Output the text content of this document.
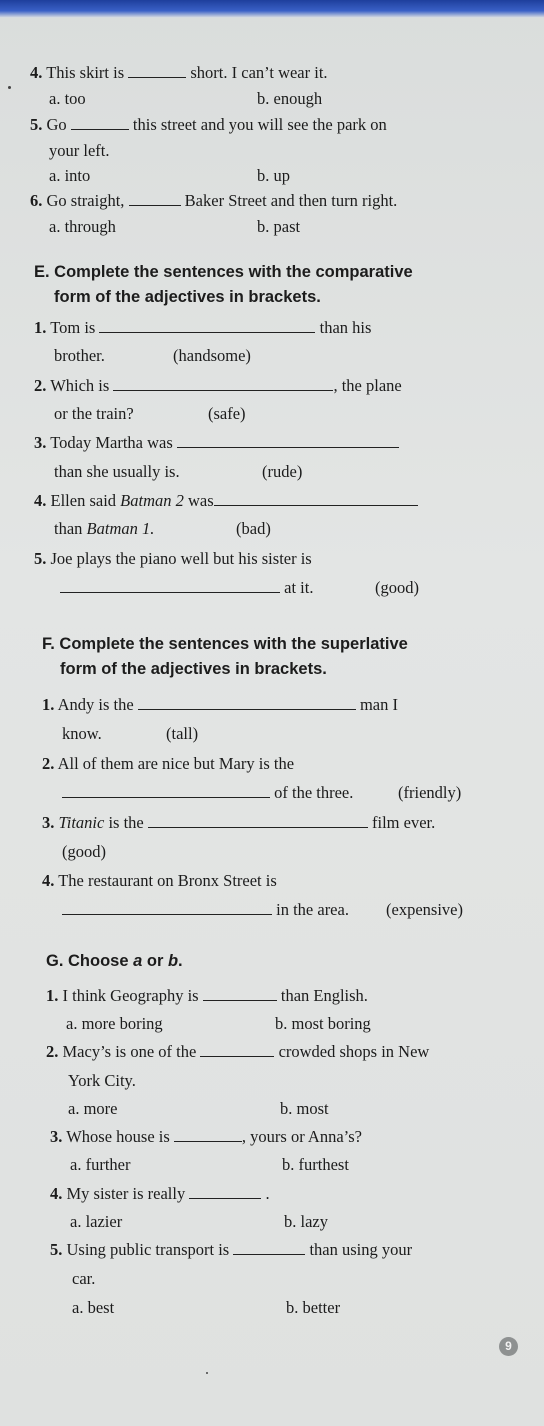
4. This skirt is	short. I can’t wear it.
a. too	b. enough
5. Go	this street and you will see the park on
your left.
a. into	b. up
6. Go straight,	Baker Street and then turn right.
a. through	b. past
E. Complete the sentences with the comparative
form of the adjectives in brackets.
1. Tom is	than his
brother.	(handsome)
2. Which is	, the plane
or the train?	(safe)
3. Today Martha was
than she usually is.	(rude)
4. Ellen said Batman 2 was
than Batman 1.	(bad)
5. Joe plays the piano well but his sister is
at it.	(good)
F. Complete the sentences with the superlative
form of the adjectives in brackets.
1. Andy is the	man I
know.	(tall)
2. All of them are nice but Mary is the
of the three.	(friendly)
3. Titanic is the	film ever.
(good)
4. The restaurant on Bronx Street is
in the area. (expensive)
G. Choose a or b.
1. I think Geography is	than English.
a. more boring	b. most boring
2. Macy’s is one of the	crowded shops in New
York City.
a. more	b. most
3. Whose house is	, yours or Anna’s?
a. further	b. furthest
4. My sister is really	.
a. lazier	b. lazy
5. Using public transport is	than using your
car.
a. best	b. better
9
